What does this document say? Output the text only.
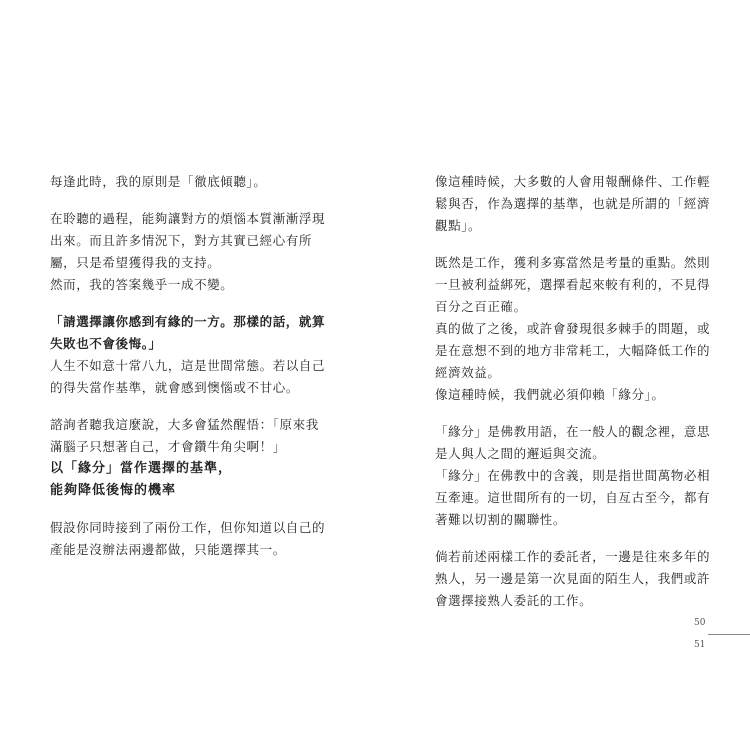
每逢此時，我的原則是「徹底傾聽」。

在聆聽的過程，能夠讓對方的煩惱本質漸漸浮現
出來。而且許多情況下，對方其實已經心有所
屬，只是希望獲得我的支持。

然而，我的答案幾乎一成不變。

「請選擇讓你感到有緣的一方。那樣的話，就算
失敗也不會後悔。」

人生不如意十常八九，這是世間常態。若以自己
的得失當作基準，就會感到懊惱或不甘心。

諮詢者聽我這麼說，大多會猛然醒悟：「原來我
滿腦子只想著自己，才會鑽牛角尖啊！」

以「緣分」當作選擇的基準，
能夠降低後悔的機率

假設你同時接到了兩份工作，但你知道以自己的
產能是沒辦法兩邊都做，只能選擇其一。

像這種時候，大多數的人會用報酬條件、工作輕
鬆與否，作為選擇的基準，也就是所謂的「經濟
觀點」。

既然是工作，獲利多寡當然是考量的重點。然則
一旦被利益綁死，選擇看起來較有利的，不見得
百分之百正確。

真的做了之後，或許會發現很多棘手的問題，或
是在意想不到的地方非常耗工，大幅降低工作的
經濟效益。

像這種時候，我們就必須仰賴「緣分」。

「緣分」是佛教用語，在一般人的觀念裡，意思
是人與人之間的邂逅與交流。

「緣分」在佛教中的含義，則是指世間萬物必相
互牽連。這世間所有的一切，自亙古至今，都有
著難以切割的關聯性。

倘若前述兩樣工作的委託者，一邊是往來多年的
熟人，另一邊是第一次見面的陌生人，我們或許
會選擇接熟人委託的工作。

50
51
